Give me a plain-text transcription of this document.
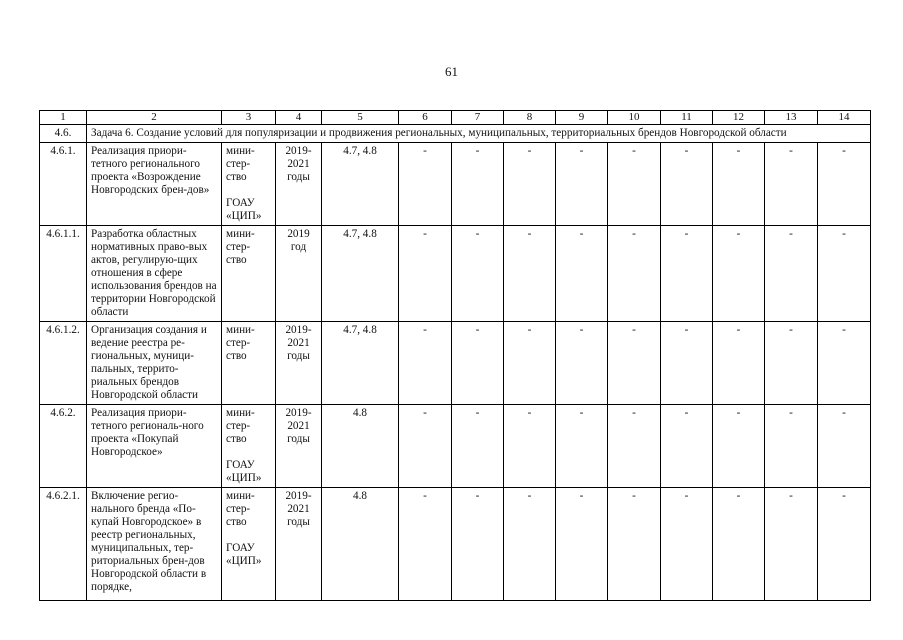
61
1	2	3	4	5	6	7	8	9	10	11	12	13	14
4.6.	Задача 6. Создание условий для популяризации и продвижения региональных, муниципальных, территориальных брендов Новгородской области												
4.6.1.	Реализация приори-тетного регионального проекта «Возрождение Новгородских брен-дов»	мини-
стер-
ство
ГОАУ
«ЦИП»	2019-2021 годы	4.7, 4.8	-	-	-	-	-	-	-	-	-
4.6.1.1.	Разработка областных нормативных право-вых актов, регулирую-щих отношения в сфере использования брендов на территории Новгородской области	мини-
стер-
ство	2019 год	4.7, 4.8	-	-	-	-	-	-	-	-	-
4.6.1.2.	Организация создания и ведение реестра ре-гиональных, муници-пальных, террито-риальных брендов Новгородской области	мини-
стер-
ство	2019-2021 годы	4.7, 4.8	-	-	-	-	-	-	-	-	-
4.6.2.	Реализация приори-тетного региональ-ного проекта «Покупай Новгородское»	мини-
стер-
ство
ГОАУ
«ЦИП»	2019-2021 годы	4.8	-	-	-	-	-	-	-	-	-
4.6.2.1.	Включение регио-нального бренда «По-купай Новгородское» в реестр региональных, муниципальных, тер-риториальных брен-дов Новгородской области в порядке,	мини-
стер-
ство
ГОАУ
«ЦИП»	2019-2021 годы	4.8	-	-	-	-	-	-	-	-	-
